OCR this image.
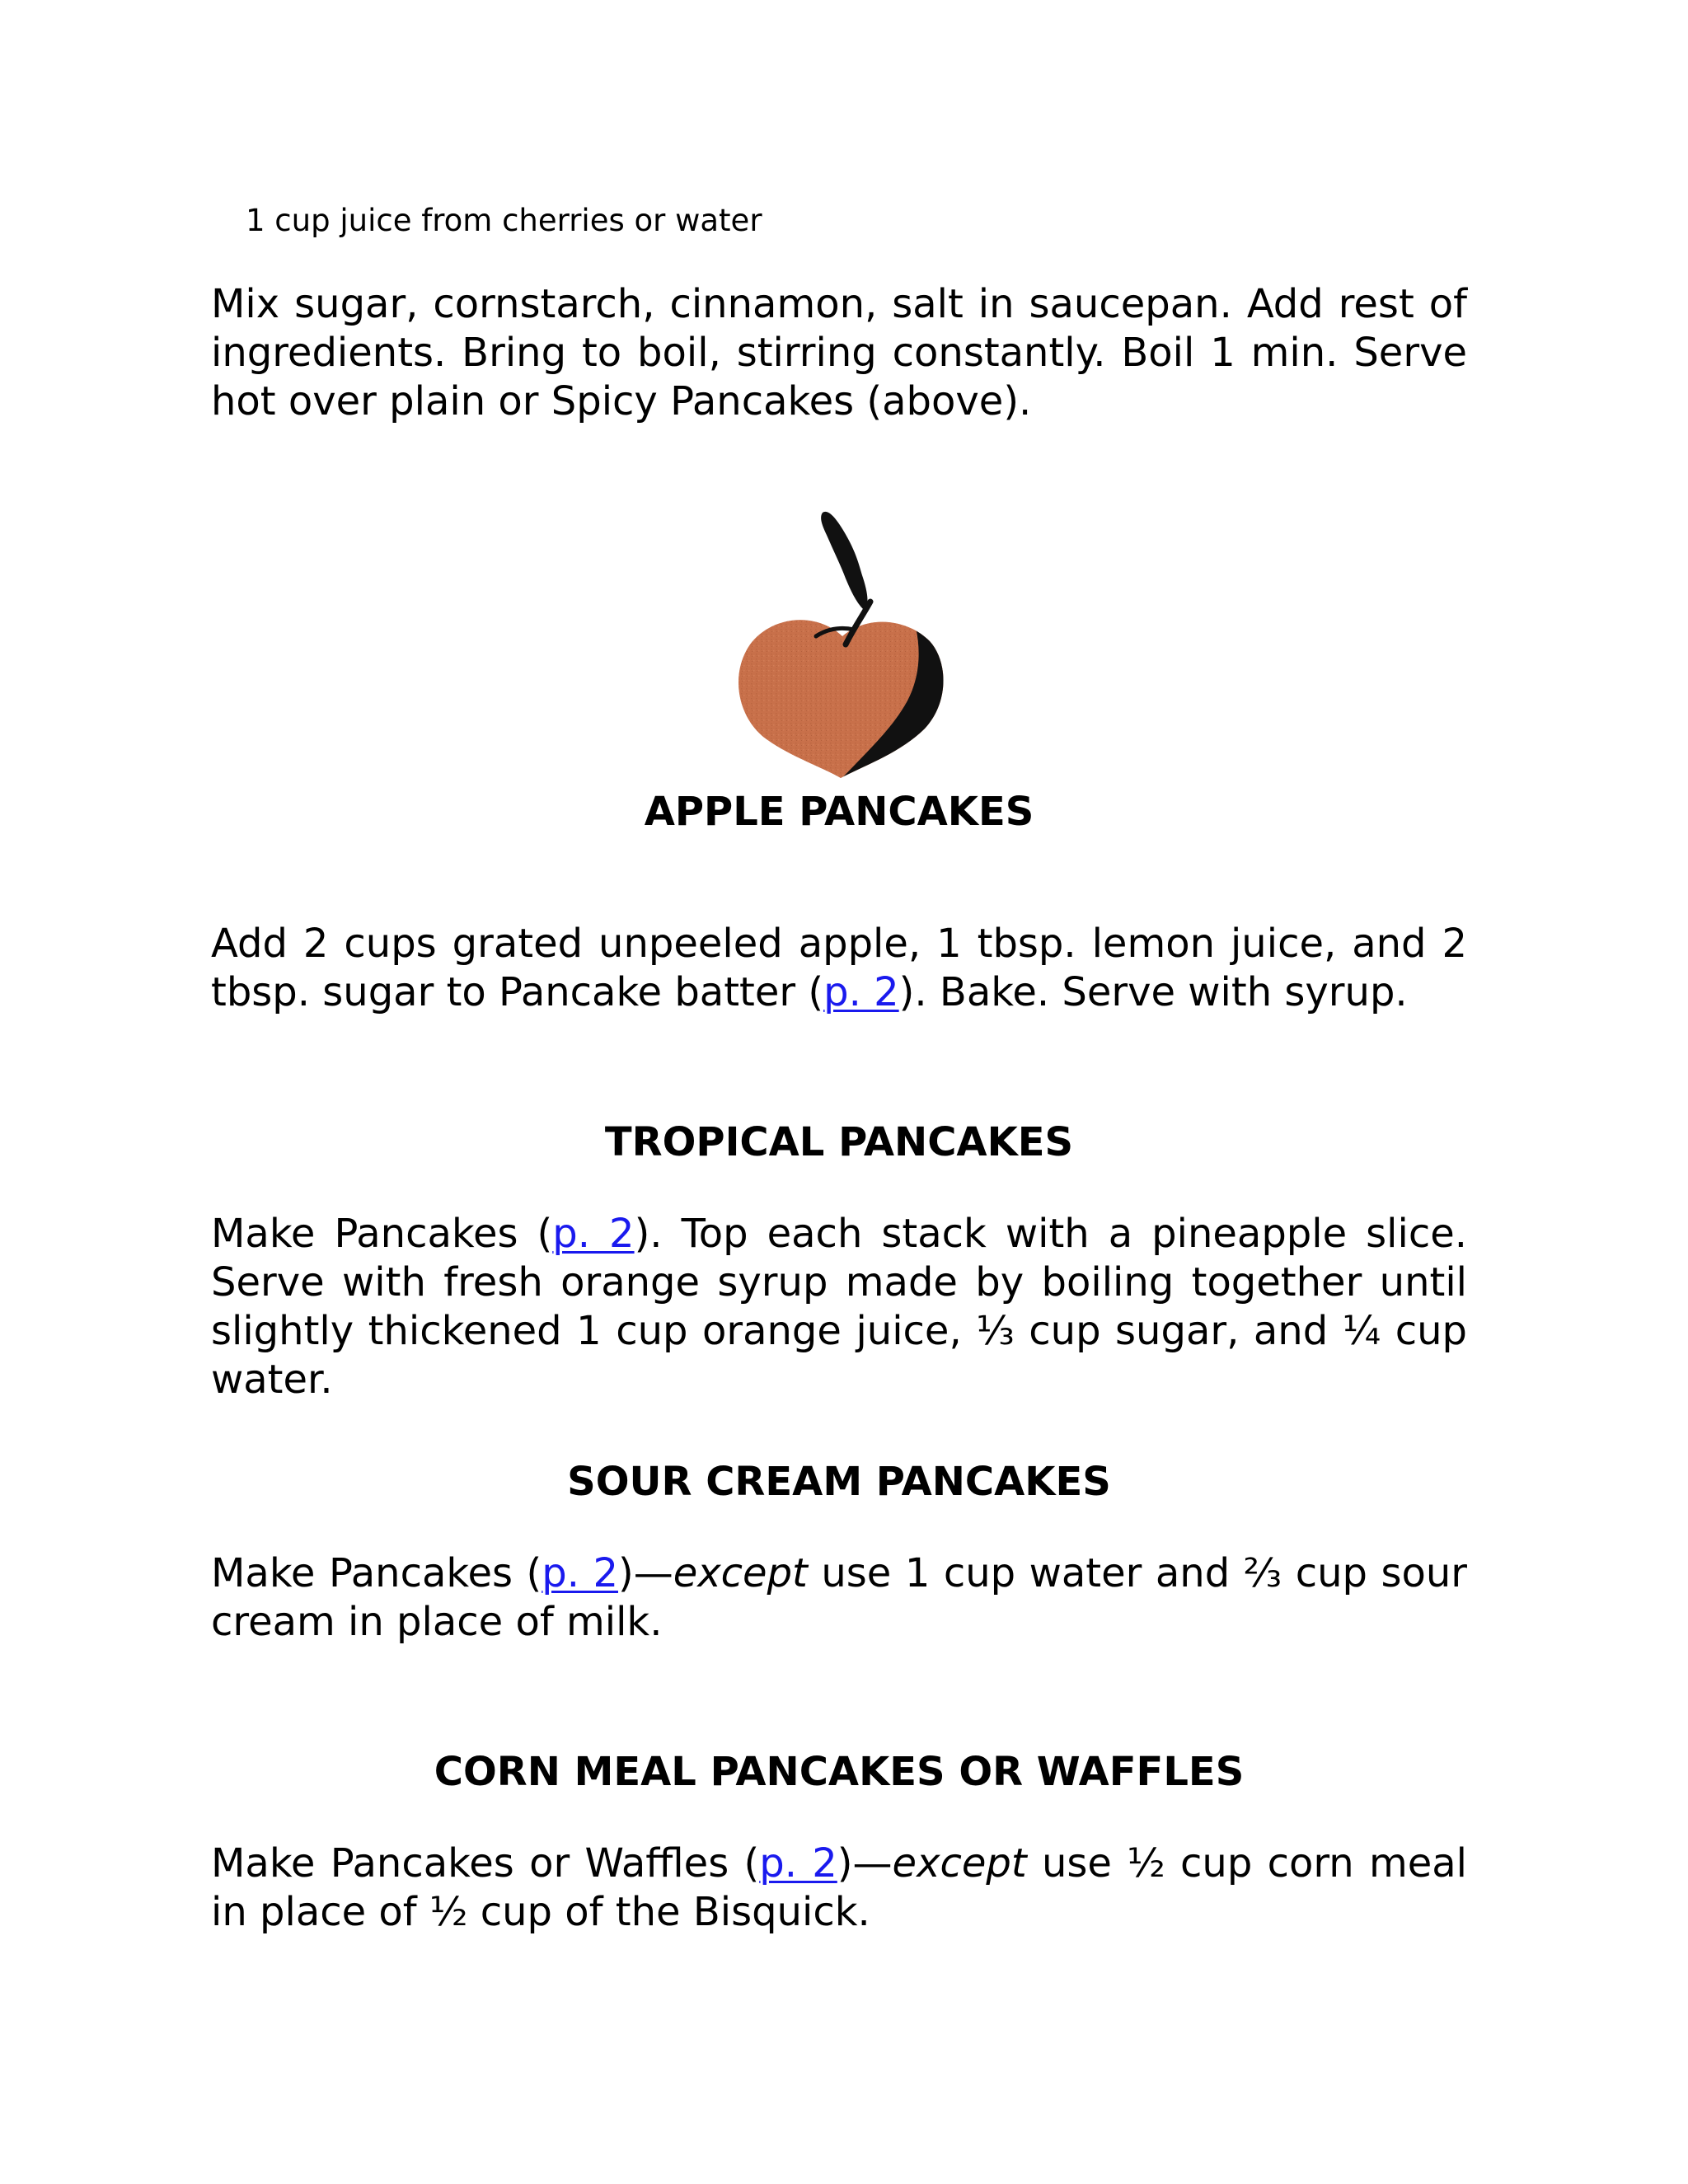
1 cup juice from cherries or water

Mix sugar, cornstarch, cinnamon, salt in saucepan. Add rest of ingredients. Bring to boil, stirring constantly. Boil 1 min. Serve hot over plain or Spicy Pancakes (above).

APPLE PANCAKES

Add 2 cups grated unpeeled apple, 1 tbsp. lemon juice, and 2 tbsp. sugar to Pancake batter (p. 2). Bake. Serve with syrup.

TROPICAL PANCAKES

Make Pancakes (p. 2). Top each stack with a pineapple slice. Serve with fresh orange syrup made by boiling together until slightly thickened 1 cup orange juice, ⅓ cup sugar, and ¼ cup water.

SOUR CREAM PANCAKES

Make Pancakes (p. 2)—except use 1 cup water and ⅔ cup sour cream in place of milk.

CORN MEAL PANCAKES OR WAFFLES

Make Pancakes or Waffles (p. 2)—except use ½ cup corn meal in place of ½ cup of the Bisquick.
